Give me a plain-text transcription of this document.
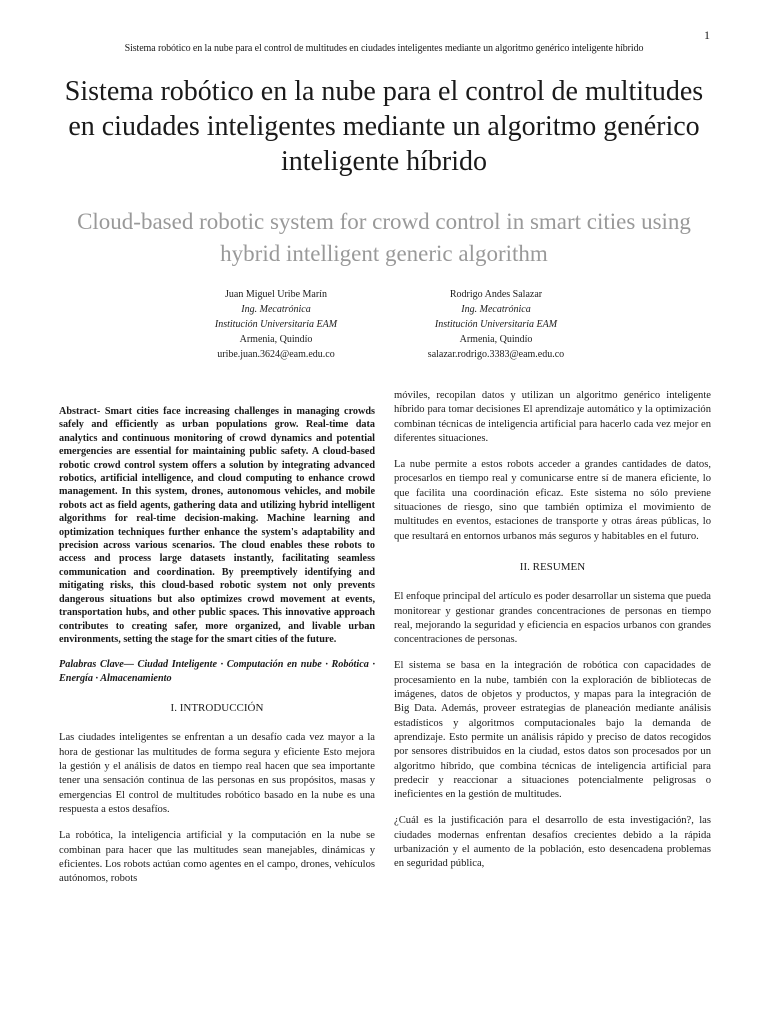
1
Sistema robótico en la nube para el control de multitudes en ciudades inteligentes mediante un algoritmo genérico inteligente híbrido
Sistema robótico en la nube para el control de multitudes en ciudades inteligentes mediante un algoritmo genérico inteligente híbrido
Cloud-based robotic system for crowd control in smart cities using hybrid intelligent generic algorithm
Juan Miguel Uribe Marín
Ing. Mecatrónica
Institución Universitaria EAM
Armenia, Quindío
uribe.juan.3624@eam.edu.co
Rodrigo Andes Salazar
Ing. Mecatrónica
Institución Universitaria EAM
Armenia, Quindío
salazar.rodrigo.3383@eam.edu.co

Abstract- Smart cities face increasing challenges in managing crowds safely and efficiently as urban populations grow. Real-time data analytics and continuous monitoring of crowd dynamics and potential emergencies are essential for maintaining public safety. A cloud-based robotic crowd control system offers a solution by integrating advanced robotics, artificial intelligence, and cloud computing to enhance crowd management. In this system, drones, autonomous vehicles, and mobile robots act as field agents, gathering data and utilizing hybrid intelligent algorithms for real-time decision-making. Machine learning and optimization techniques further enhance the system's adaptability and precision across various scenarios. The cloud enables these robots to access and process large datasets instantly, facilitating seamless communication and coordination. By preemptively identifying and mitigating risks, this cloud-based robotic system not only prevents dangerous situations but also optimizes crowd movement at events, transportation hubs, and other public spaces. This innovative approach contributes to creating safer, more organized, and livable urban environments, setting the stage for the smart cities of the future.

Palabras Clave— Ciudad Inteligente · Computación en nube · Robótica · Energía · Almacenamiento

I. INTRODUCCIÓN

Las ciudades inteligentes se enfrentan a un desafío cada vez mayor a la hora de gestionar las multitudes de forma segura y eficiente Esto mejora la gestión y el análisis de datos en tiempo real hacen que sea importante tener una sensación continua de las personas en sus propósitos, masas y emergencias El control de multitudes robótico basado en la nube es una respuesta a estos desafíos.

La robótica, la inteligencia artificial y la computación en la nube se combinan para hacer que las multitudes sean manejables, dinámicas y eficientes. Los robots actúan como agentes en el campo, drones, vehículos autónomos, robots

móviles, recopilan datos y utilizan un algoritmo genérico inteligente híbrido para tomar decisiones El aprendizaje automático y la optimización combinan técnicas de inteligencia artificial para hacerlo cada vez mejor en diferentes situaciones.

La nube permite a estos robots acceder a grandes cantidades de datos, procesarlos en tiempo real y comunicarse entre sí de manera eficiente, lo que facilita una coordinación eficaz. Este sistema no sólo previene situaciones de riesgo, sino que también optimiza el movimiento de multitudes en eventos, estaciones de transporte y otras áreas públicas, lo que resultará en entornos urbanos más seguros y habitables en el futuro.

II. RESUMEN

El enfoque principal del artículo es poder desarrollar un sistema que pueda monitorear y gestionar grandes concentraciones de personas en tiempo real, mejorando la seguridad y eficiencia en espacios urbanos con grandes concentraciones de personas.

El sistema se basa en la integración de robótica con capacidades de procesamiento en la nube, también con la exploración de bibliotecas de imágenes, datos de objetos y productos, y mapas para la integración de Big Data. Además, proveer estrategias de planeación mediante análisis estadísticos y algoritmos computacionales bajo la demanda de aprendizaje. Esto permite un análisis rápido y preciso de datos recogidos por sensores distribuidos en la ciudad, estos datos son procesados por un algoritmo híbrido, que combina técnicas de inteligencia artificial para predecir y reaccionar a situaciones potencialmente peligrosas o ineficientes en la gestión de multitudes.

¿Cuál es la justificación para el desarrollo de esta investigación?, las ciudades modernas enfrentan desafíos crecientes debido a la rápida urbanización y el aumento de la población, esto desencadena problemas en seguridad pública,
